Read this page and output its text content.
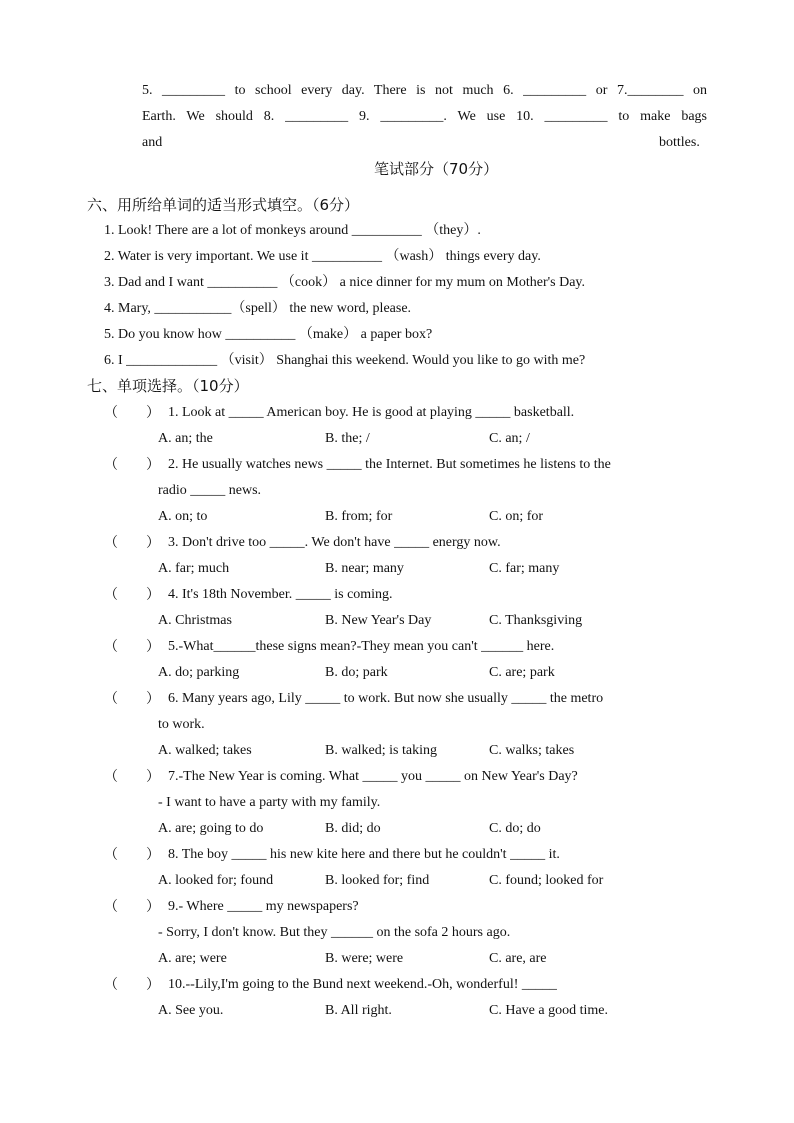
5. _________ to school every day. There is not much 6. _________ or 7.________ on
Earth. We should 8. _________ 9. _________. We use 10. _________ to make bags
and	bottles.
笔试部分（70分）
六、用所给单词的适当形式填空。（6分）
1. Look! There are a lot of monkeys around __________ （they）.
2. Water is very important. We use it __________ （wash） things every day.
3. Dad and I want __________ （cook） a nice dinner for my mum on Mother's Day.
4. Mary, ___________（spell） the new word, please.
5. Do you know how __________ （make） a paper box?
6. I _____________ （visit） Shanghai this weekend. Would you like to go with me?
七、单项选择。（10分）
（　　） 1. Look at _____ American boy. He is good at playing _____ basketball.
A. an; the	B. the; /	C. an; /
（　　） 2. He usually watches news _____ the Internet. But sometimes he listens to the
radio _____ news.
A. on; to	B. from; for	C. on; for
（　　） 3. Don't drive too _____. We don't have _____ energy now.
A. far; much	B. near; many	C. far; many
（　　） 4. It's 18th November. _____ is coming.
A. Christmas	B. New Year's Day	C. Thanksgiving
（　　） 5.-What______these signs mean?-They mean you can't ______ here.
A. do; parking	B. do; park	C. are; park
（　　） 6. Many years ago, Lily _____ to work. But now she usually _____ the metro
to work.
A. walked; takes	B. walked; is taking	C. walks; takes
（　　） 7.-The New Year is coming. What _____ you _____ on New Year's Day?
- I want to have a party with my family.
A. are; going to do	B. did; do	C. do; do
（　　） 8. The boy _____ his new kite here and there but he couldn't _____ it.
A. looked for; found	B. looked for; find	C. found; looked for
（　　） 9.- Where _____ my newspapers?
- Sorry, I don't know. But they ______ on the sofa 2 hours ago.
A. are; were	B. were; were	C. are, are
（　　） 10.--Lily,I'm going to the Bund next weekend.-Oh, wonderful! _____
A. See you.	B. All right.	C. Have a good time.
